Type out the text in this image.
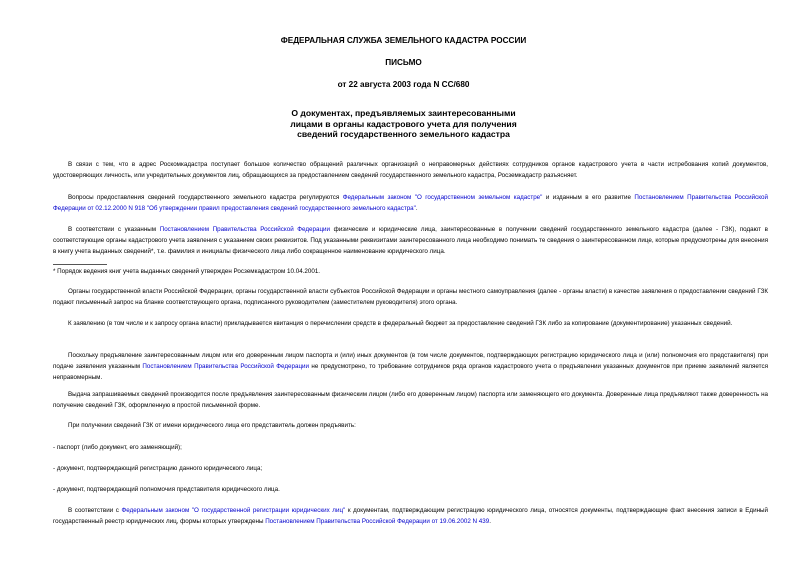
ФЕДЕРАЛЬНАЯ СЛУЖБА ЗЕМЕЛЬНОГО КАДАСТРА РОССИИ
ПИСЬМО
от 22 августа 2003 года N СС/680
О документах, предъявляемых заинтересованными
лицами в органы кадастрового учета для получения
сведений государственного земельного кадастра
В связи с тем, что в адрес Роскомкадастра поступает большое количество обращений различных организаций о неправомерных действиях сотрудников органов кадастрового учета в части истребования копий документов, удостоверяющих личность, или учредительных документов лиц, обращающихся за предоставлением сведений государственного земельного кадастра, Росземкадастр разъясняет.
Вопросы предоставления сведений государственного земельного кадастра регулируются Федеральным законом "О государственном земельном кадастре" и изданным в его развитие Постановлением Правительства Российской Федерации от 02.12.2000 N 918 "Об утверждении правил предоставления сведений государственного земельного кадастра".
В соответствии с указанным Постановлением Правительства Российской Федерации физические и юридические лица, заинтересованные в получении сведений государственного земельного кадастра (далее - ГЗК), подают в соответствующие органы кадастрового учета заявления с указанием своих реквизитов. Под указанными реквизитами заинтересованного лица необходимо понимать те сведения о заинтересованном лице, которые предусмотрены для внесения в книгу учета выданных сведений*, т.е. фамилия и инициалы физического лица либо сокращенное наименование юридического лица.
* Порядок ведения книг учета выданных сведений утвержден Росземкадастром 10.04.2001.
Органы государственной власти Российской Федерации, органы государственной власти субъектов Российской Федерации и органы местного самоуправления (далее - органы власти) в качестве заявления о предоставлении сведений ГЗК подают письменный запрос на бланке соответствующего органа, подписанного руководителем (заместителем руководителя) этого органа.
К заявлению (в том числе и к запросу органа власти) прикладывается квитанция о перечислении средств в федеральный бюджет за предоставление сведений ГЗК либо за копирование (документирование) указанных сведений.
Поскольку предъявление заинтересованным лицом или его доверенным лицом паспорта и (или) иных документов (в том числе документов, подтверждающих регистрацию юридического лица и (или) полномочия его представителя) при подаче заявления указанным Постановлением Правительства Российской Федерации не предусмотрено, то требование сотрудников ряда органов кадастрового учета о предъявлении указанных документов при приеме заявлений является неправомерным.
Выдача запрашиваемых сведений производится после предъявления заинтересованным физическим лицом (либо его доверенным лицом) паспорта или заменяющего его документа. Доверенные лица предъявляют также доверенность на получение сведений ГЗК, оформленную в простой письменной форме.
При получении сведений ГЗК от имени юридического лица его представитель должен предъявить:
- паспорт (либо документ, его заменяющий);
- документ, подтверждающий регистрацию данного юридического лица;
- документ, подтверждающий полномочия представителя юридического лица.
В соответствии с Федеральным законом "О государственной регистрации юридических лиц" к документам, подтверждающим регистрацию юридического лица, относятся документы, подтверждающие факт внесения записи в Единый государственный реестр юридических лиц, формы которых утверждены Постановлением Правительства Российской Федерации от 19.06.2002 N 439.
